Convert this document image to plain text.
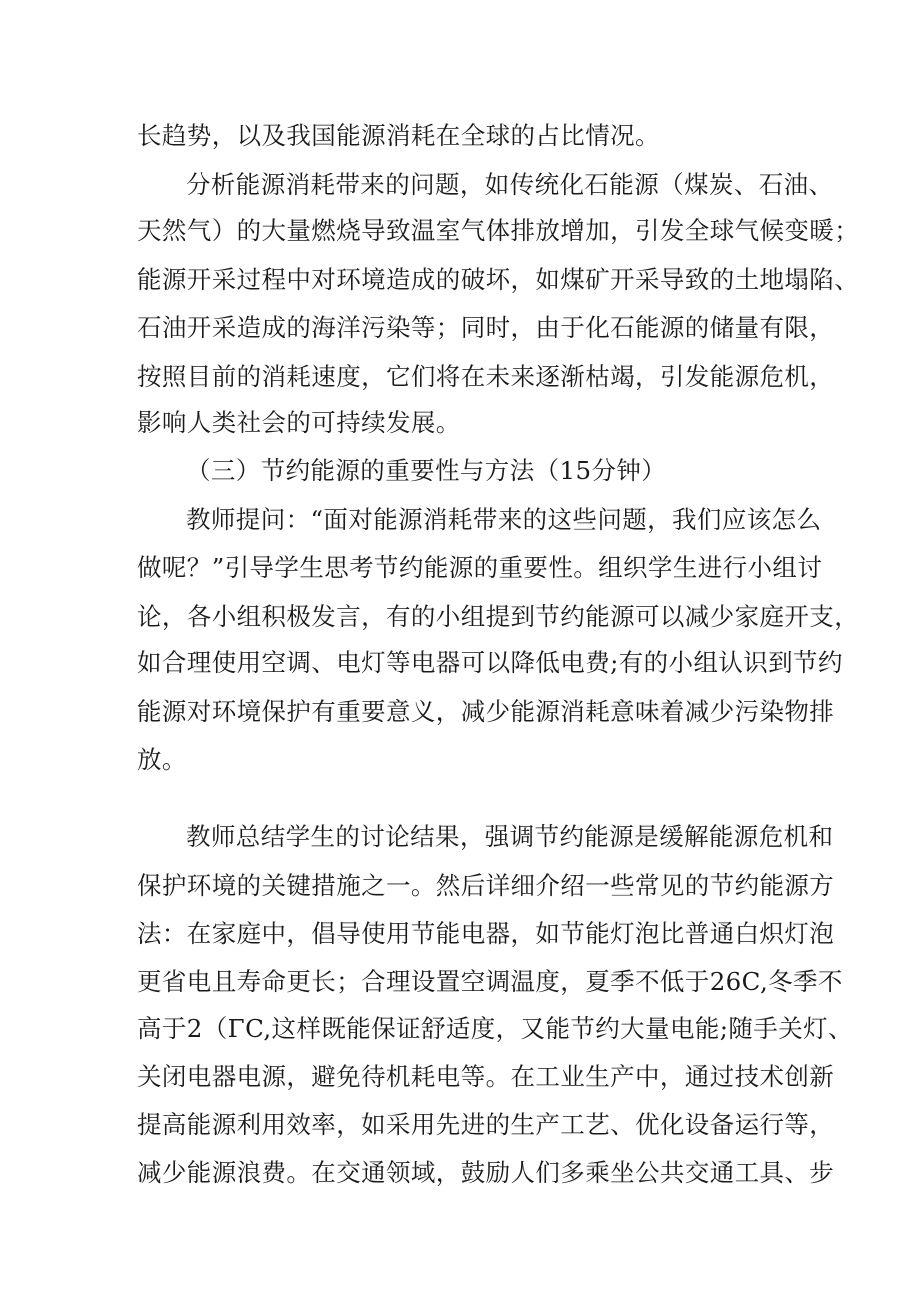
长趋势，以及我国能源消耗在全球的占比情况。
分析能源消耗带来的问题，如传统化石能源（煤炭、石油、
天然气）的大量燃烧导致温室气体排放增加，引发全球气候变暖；
能源开采过程中对环境造成的破坏，如煤矿开采导致的土地塌陷、
石油开采造成的海洋污染等；同时，由于化石能源的储量有限，
按照目前的消耗速度，它们将在未来逐渐枯竭，引发能源危机，
影响人类社会的可持续发展。
（三）节约能源的重要性与方法（15分钟）
教师提问：“面对能源消耗带来的这些问题，我们应该怎么
做呢？”引导学生思考节约能源的重要性。组织学生进行小组讨
论，各小组积极发言，有的小组提到节约能源可以减少家庭开支，
如合理使用空调、电灯等电器可以降低电费;有的小组认识到节约
能源对环境保护有重要意义，减少能源消耗意味着减少污染物排
放。
教师总结学生的讨论结果，强调节约能源是缓解能源危机和
保护环境的关键措施之一。然后详细介绍一些常见的节约能源方
法：在家庭中，倡导使用节能电器，如节能灯泡比普通白炽灯泡
更省电且寿命更长；合理设置空调温度，夏季不低于26C,冬季不
高于2（ΓC,这样既能保证舒适度，又能节约大量电能;随手关灯、
关闭电器电源，避免待机耗电等。在工业生产中，通过技术创新
提高能源利用效率，如采用先进的生产工艺、优化设备运行等，
减少能源浪费。在交通领域，鼓励人们多乘坐公共交通工具、步
